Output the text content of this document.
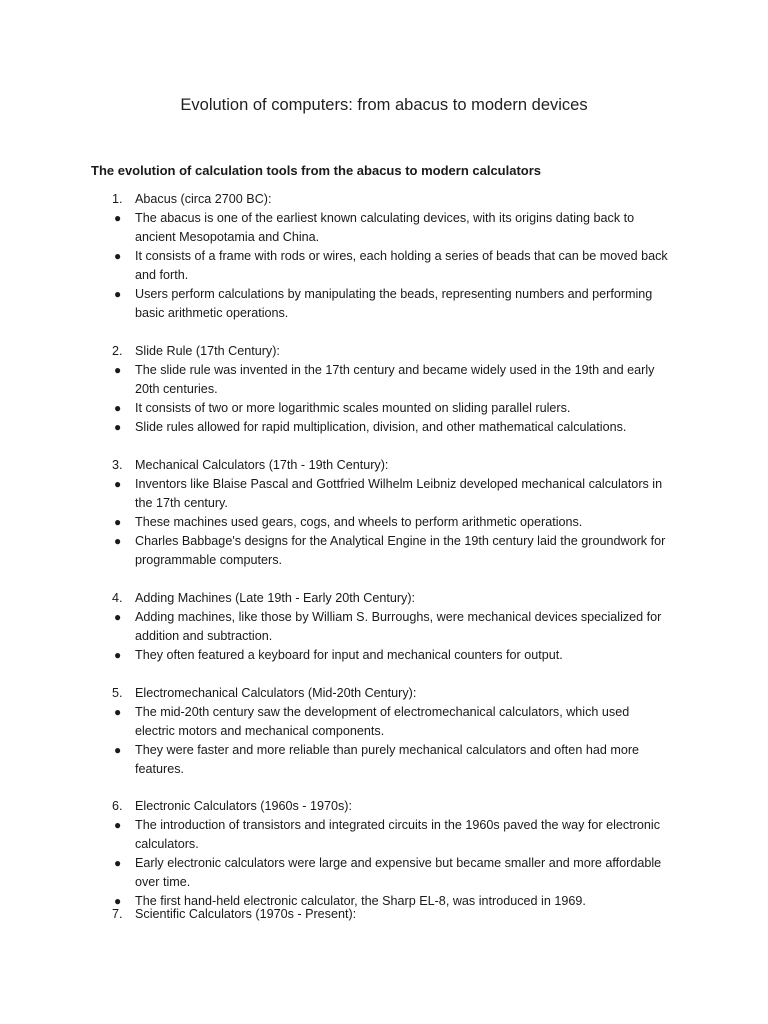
Evolution of computers: from abacus to modern devices
The evolution of calculation tools from the abacus to modern calculators
1. Abacus (circa 2700 BC):
●	The abacus is one of the earliest known calculating devices, with its origins dating back to
ancient Mesopotamia and China.
●	It consists of a frame with rods or wires, each holding a series of beads that can be moved back
and forth.
●	Users perform calculations by manipulating the beads, representing numbers and performing
basic arithmetic operations.
2. Slide Rule (17th Century):
●	The slide rule was invented in the 17th century and became widely used in the 19th and early
20th centuries.
●	It consists of two or more logarithmic scales mounted on sliding parallel rulers.
●	Slide rules allowed for rapid multiplication, division, and other mathematical calculations.
3. Mechanical Calculators (17th - 19th Century):
●	Inventors like Blaise Pascal and Gottfried Wilhelm Leibniz developed mechanical calculators in
the 17th century.
●	These machines used gears, cogs, and wheels to perform arithmetic operations.
●	Charles Babbage's designs for the Analytical Engine in the 19th century laid the groundwork for
programmable computers.
4. Adding Machines (Late 19th - Early 20th Century):
●	Adding machines, like those by William S. Burroughs, were mechanical devices specialized for
addition and subtraction.
●	They often featured a keyboard for input and mechanical counters for output.
5. Electromechanical Calculators (Mid-20th Century):
●	The mid-20th century saw the development of electromechanical calculators, which used
electric motors and mechanical components.
●	They were faster and more reliable than purely mechanical calculators and often had more
features.
6. Electronic Calculators (1960s - 1970s):
●	The introduction of transistors and integrated circuits in the 1960s paved the way for electronic
calculators.
●	Early electronic calculators were large and expensive but became smaller and more affordable
over time.
●	The first hand-held electronic calculator, the Sharp EL-8, was introduced in 1969.
7. Scientific Calculators (1970s - Present):
